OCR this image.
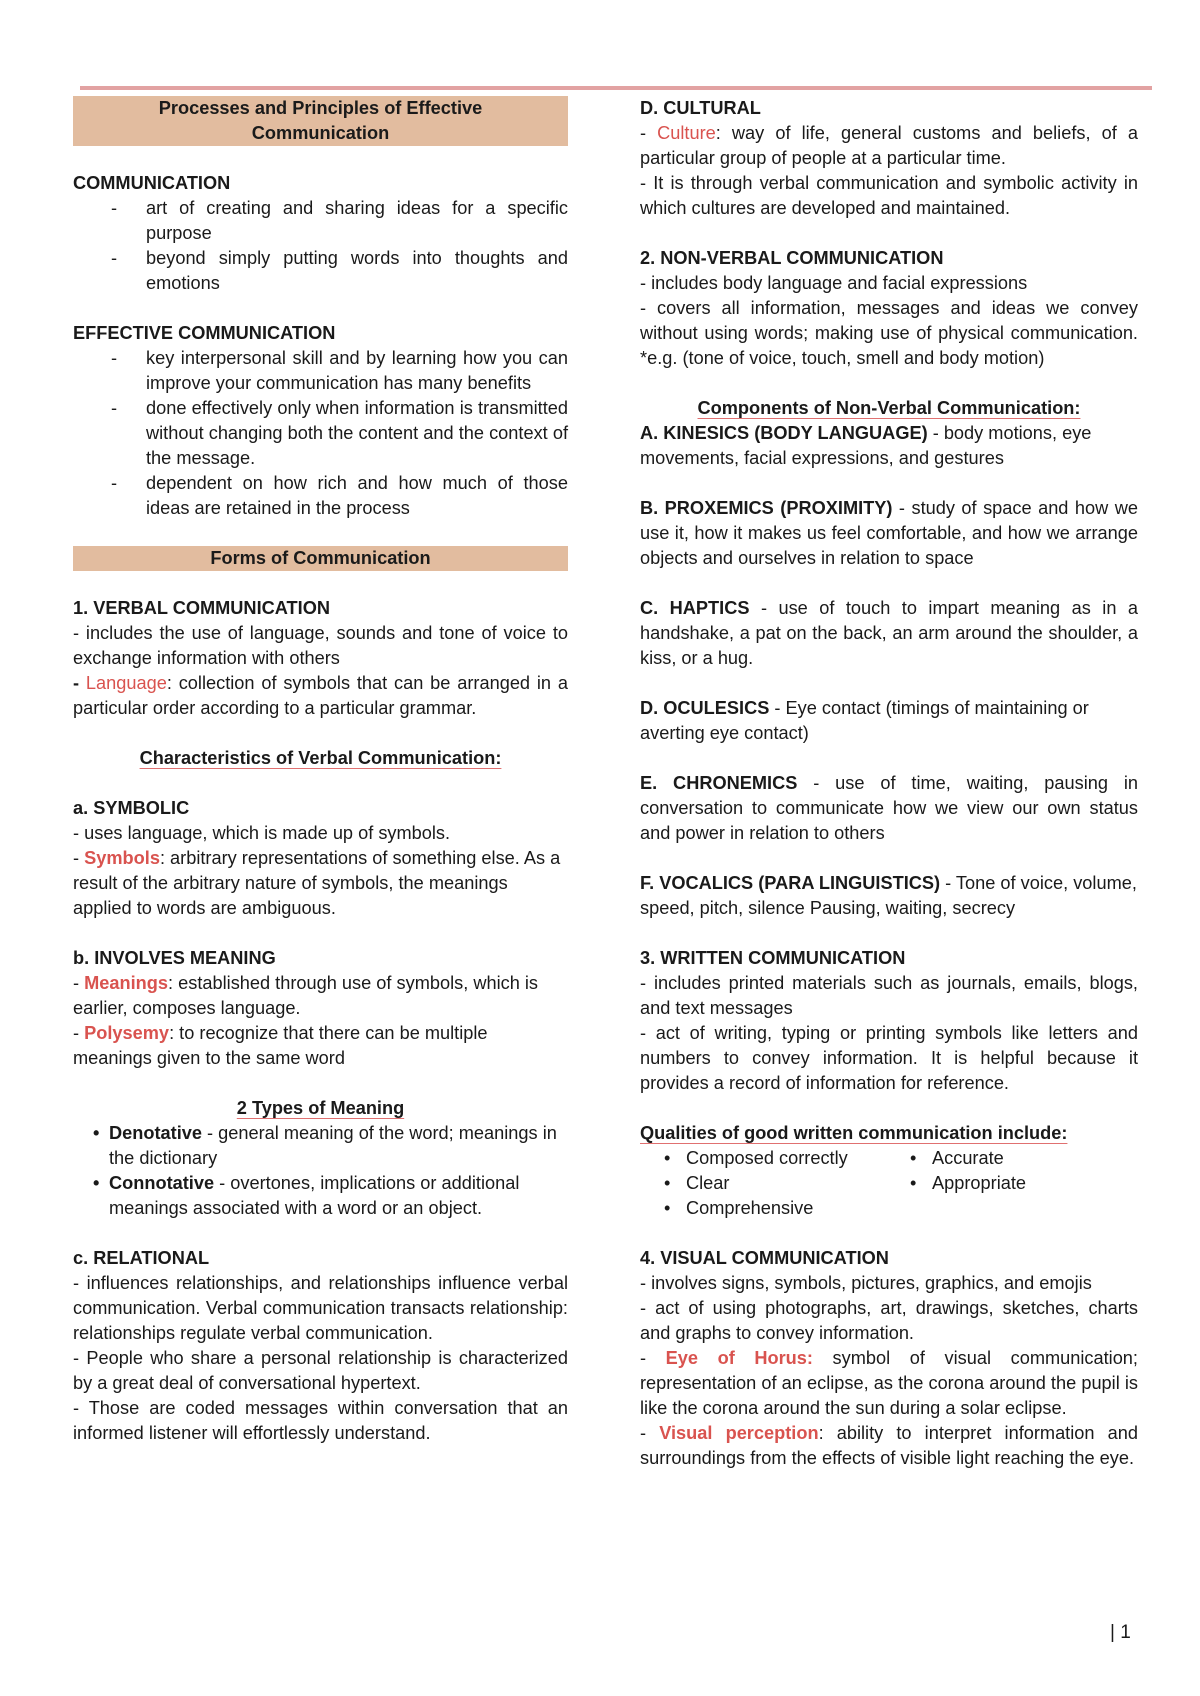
Processes and Principles of Effective
Communication

COMMUNICATION

- art of creating and sharing ideas for a specific purpose
- beyond simply putting words into thoughts and emotions

EFFECTIVE COMMUNICATION

- key interpersonal skill and by learning how you can improve your communication has many benefits
- done effectively only when information is transmitted without changing both the content and the context of the message.
- dependent on how rich and how much of those ideas are retained in the process
Forms of Communication

1. VERBAL COMMUNICATION

- includes the use of language, sounds and tone of voice to exchange information with others

- Language: collection of symbols that can be arranged in a particular order according to a particular grammar.

Characteristics of Verbal Communication:

a. SYMBOLIC

- uses language, which is made up of symbols.

- Symbols: arbitrary representations of something else. As a result of the arbitrary nature of symbols, the meanings applied to words are ambiguous.

b. INVOLVES MEANING

- Meanings: established through use of symbols, which is earlier, composes language.

- Polysemy: to recognize that there can be multiple meanings given to the same word

2 Types of Meaning

• Denotative - general meaning of the word; meanings in the dictionary
• Connotative - overtones, implications or additional meanings associated with a word or an object.

c. RELATIONAL

- influences relationships, and relationships influence verbal communication. Verbal communication transacts relationship: relationships regulate verbal communication.

- People who share a personal relationship is characterized by a great deal of conversational hypertext.

- Those are coded messages within conversation that an informed listener will effortlessly understand.

D. CULTURAL

- Culture: way of life, general customs and beliefs, of a particular group of people at a particular time.

- It is through verbal communication and symbolic activity in which cultures are developed and maintained.

2. NON-VERBAL COMMUNICATION

- includes body language and facial expressions

- covers all information, messages and ideas we convey without using words; making use of physical communication. *e.g. (tone of voice, touch, smell and body motion)

Components of Non-Verbal Communication:

A. KINESICS (BODY LANGUAGE) - body motions, eye movements, facial expressions, and gestures

B. PROXEMICS (PROXIMITY) - study of space and how we use it, how it makes us feel comfortable, and how we arrange objects and ourselves in relation to space

C. HAPTICS - use of touch to impart meaning as in a handshake, a pat on the back, an arm around the shoulder, a kiss, or a hug.

D. OCULESICS - Eye contact (timings of maintaining or averting eye contact)

E. CHRONEMICS - use of time, waiting, pausing in conversation to communicate how we view our own status and power in relation to others

F. VOCALICS (PARA LINGUISTICS) - Tone of voice, volume, speed, pitch, silence Pausing, waiting, secrecy

3. WRITTEN COMMUNICATION

- includes printed materials such as journals, emails, blogs, and text messages

- act of writing, typing or printing symbols like letters and numbers to convey information. It is helpful because it provides a record of information for reference.

Qualities of good written communication include:

• Composed correctly
• Clear
• Comprehensive
• Accurate
• Appropriate

4. VISUAL COMMUNICATION

- involves signs, symbols, pictures, graphics, and emojis

- act of using photographs, art, drawings, sketches, charts and graphs to convey information.

- Eye of Horus: symbol of visual communication; representation of an eclipse, as the corona around the pupil is like the corona around the sun during a solar eclipse.

- Visual perception: ability to interpret information and surroundings from the effects of visible light reaching the eye.

| 1
